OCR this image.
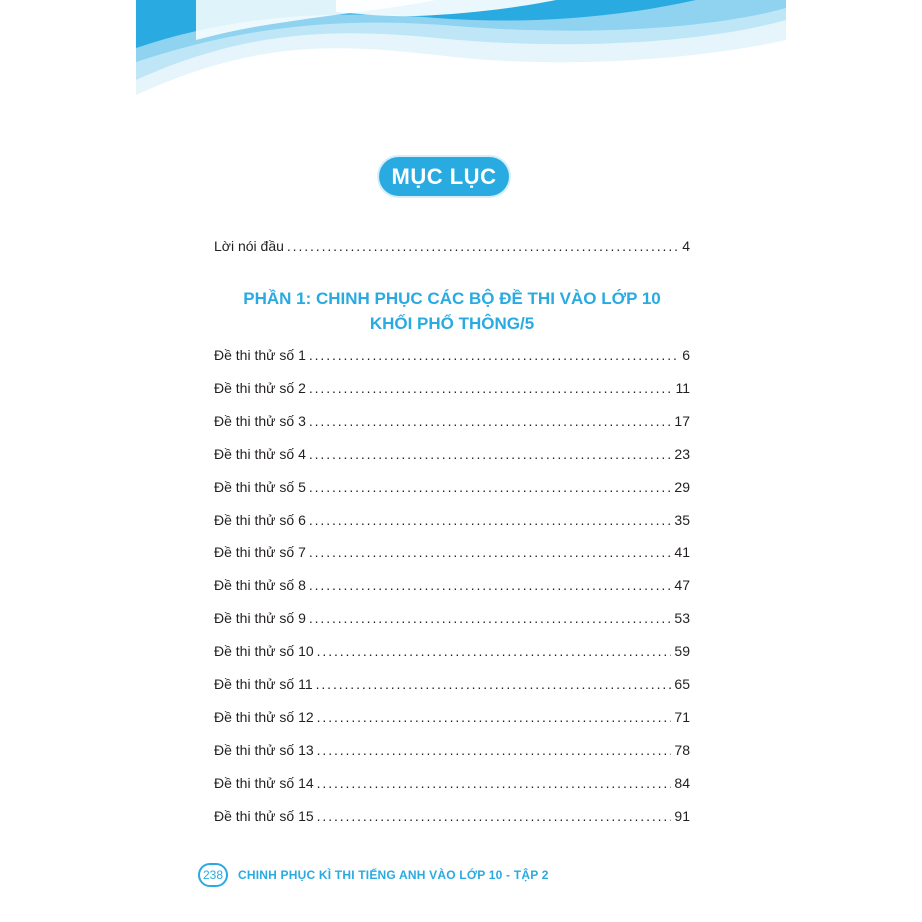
MỤC LỤC
Lời nói đầu . . .	4
PHẦN 1: CHINH PHỤC CÁC BỘ ĐỀ THI VÀO LỚP 10
KHỐI PHỔ THÔNG/5
Đề thi thử số 1 . . .	6
Đề thi thử số 2 . . .	11
Đề thi thử số 3 . . .	17
Đề thi thử số 4 . . .	23
Đề thi thử số 5 . . .	29
Đề thi thử số 6 . . .	35
Đề thi thử số 7 . . .	41
Đề thi thử số 8 . . .	47
Đề thi thử số 9 . . .	53
Đề thi thử số 10 . . .	59
Đề thi thử số 11 . . .	65
Đề thi thử số 12 . . .	71
Đề thi thử số 13 . . .	78
Đề thi thử số 14 . . .	84
Đề thi thử số 15 . . .	91
238	CHINH PHỤC KÌ THI TIẾNG ANH VÀO LỚP 10 - TẬP 2
